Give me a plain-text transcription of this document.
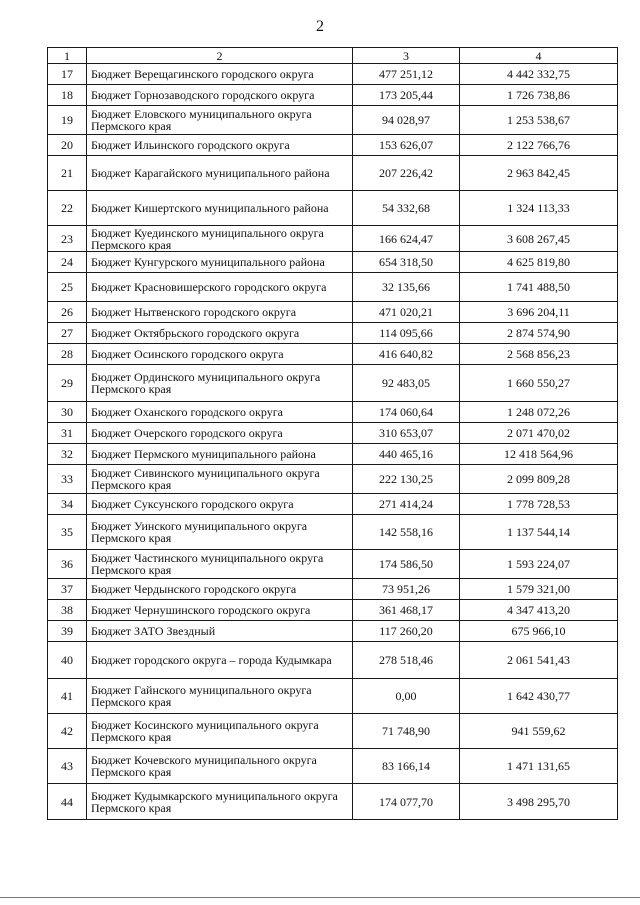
2
1	2	3	4
17	Бюджет Верещагинского городского округа	477 251,12	4 442 332,75
18	Бюджет Горнозаводского городского округа	173 205,44	1 726 738,86
19	Бюджет Еловского муниципального округа Пермского края	94 028,97	1 253 538,67
20	Бюджет Ильинского городского округа	153 626,07	2 122 766,76
21	Бюджет Карагайского муниципального района	207 226,42	2 963 842,45
22	Бюджет Кишертского муниципального района	54 332,68	1 324 113,33
23	Бюджет Куединского муниципального округа Пермского края	166 624,47	3 608 267,45
24	Бюджет Кунгурского муниципального района	654 318,50	4 625 819,80
25	Бюджет Красновишерского городского округа	32 135,66	1 741 488,50
26	Бюджет Нытвенского городского округа	471 020,21	3 696 204,11
27	Бюджет Октябрьского городского округа	114 095,66	2 874 574,90
28	Бюджет Осинского городского округа	416 640,82	2 568 856,23
29	Бюджет Ординского муниципального округа Пермского края	92 483,05	1 660 550,27
30	Бюджет Оханского городского округа	174 060,64	1 248 072,26
31	Бюджет Очерского городского округа	310 653,07	2 071 470,02
32	Бюджет Пермского муниципального района	440 465,16	12 418 564,96
33	Бюджет Сивинского муниципального округа Пермского края	222 130,25	2 099 809,28
34	Бюджет Суксунского городского округа	271 414,24	1 778 728,53
35	Бюджет Уинского муниципального округа Пермского края	142 558,16	1 137 544,14
36	Бюджет Частинского муниципального округа Пермского края	174 586,50	1 593 224,07
37	Бюджет Чердынского городского округа	73 951,26	1 579 321,00
38	Бюджет Чернушинского городского округа	361 468,17	4 347 413,20
39	Бюджет ЗАТО Звездный	117 260,20	675 966,10
40	Бюджет городского округа – города Кудымкара	278 518,46	2 061 541,43
41	Бюджет Гайнского муниципального округа Пермского края	0,00	1 642 430,77
42	Бюджет Косинского муниципального округа Пермского края	71 748,90	941 559,62
43	Бюджет Кочевского муниципального округа Пермского края	83 166,14	1 471 131,65
44	Бюджет Кудымкарского муниципального округа Пермского края	174 077,70	3 498 295,70
